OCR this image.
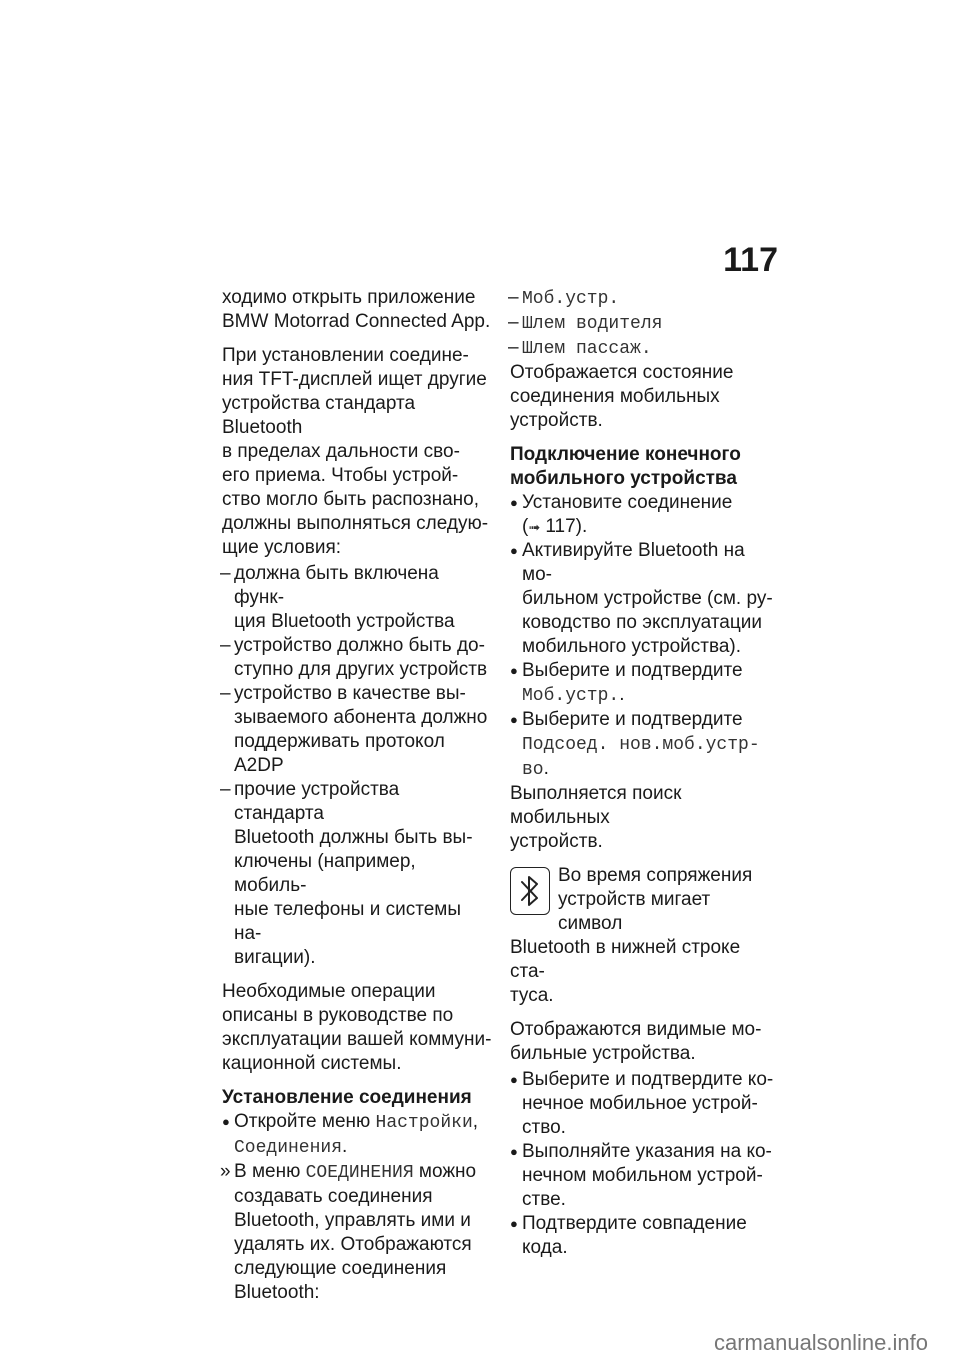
117
ходимо открыть приложение
BMW Motorrad Connected App.
При установлении соедине-
ния TFT-дисплей ищет другие
устройства стандарта Bluetooth
в пределах дальности сво-
его приема. Чтобы устрой-
ство могло быть распознано,
должны выполняться следую-
щие условия:
– должна быть включена функ-
ция Bluetooth устройства
– устройство должно быть до-
ступно для других устройств
– устройство в качестве вы-
зываемого абонента должно
поддерживать протокол A2DP
– прочие устройства стандарта
Bluetooth должны быть вы-
ключены (например, мобиль-
ные телефоны и системы на-
вигации).
Необходимые операции
описаны в руководстве по
эксплуатации вашей коммуни-
кационной системы.
Установление соединения
● Откройте меню Настройки,
Соединения.
» В меню СОЕДИНЕНИЯ можно
создавать соединения
Bluetooth, управлять ими и
удалять их. Отображаются
следующие соединения
Bluetooth:
– Моб.устр.
– Шлем водителя
– Шлем пассаж.
Отображается состояние
соединения мобильных
устройств.
Подключение конечного
мобильного устройства
● Установите соединение
(➟ 117).
● Активируйте Bluetooth на мо-
бильном устройстве (см. ру-
ководство по эксплуатации
мобильного устройства).
● Выберите и подтвердите
Моб.устр..
● Выберите и подтвердите
Подсоед. нов.моб.устр-
во.
Выполняется поиск мобильных
устройств.
Во время сопряжения
устройств мигает символ
Bluetooth в нижней строке ста-
туса.
Отображаются видимые мо-
бильные устройства.
● Выберите и подтвердите ко-
нечное мобильное устрой-
ство.
● Выполняйте указания на ко-
нечном мобильном устрой-
стве.
● Подтвердите совпадение
кода.
carmanualsonline.info
